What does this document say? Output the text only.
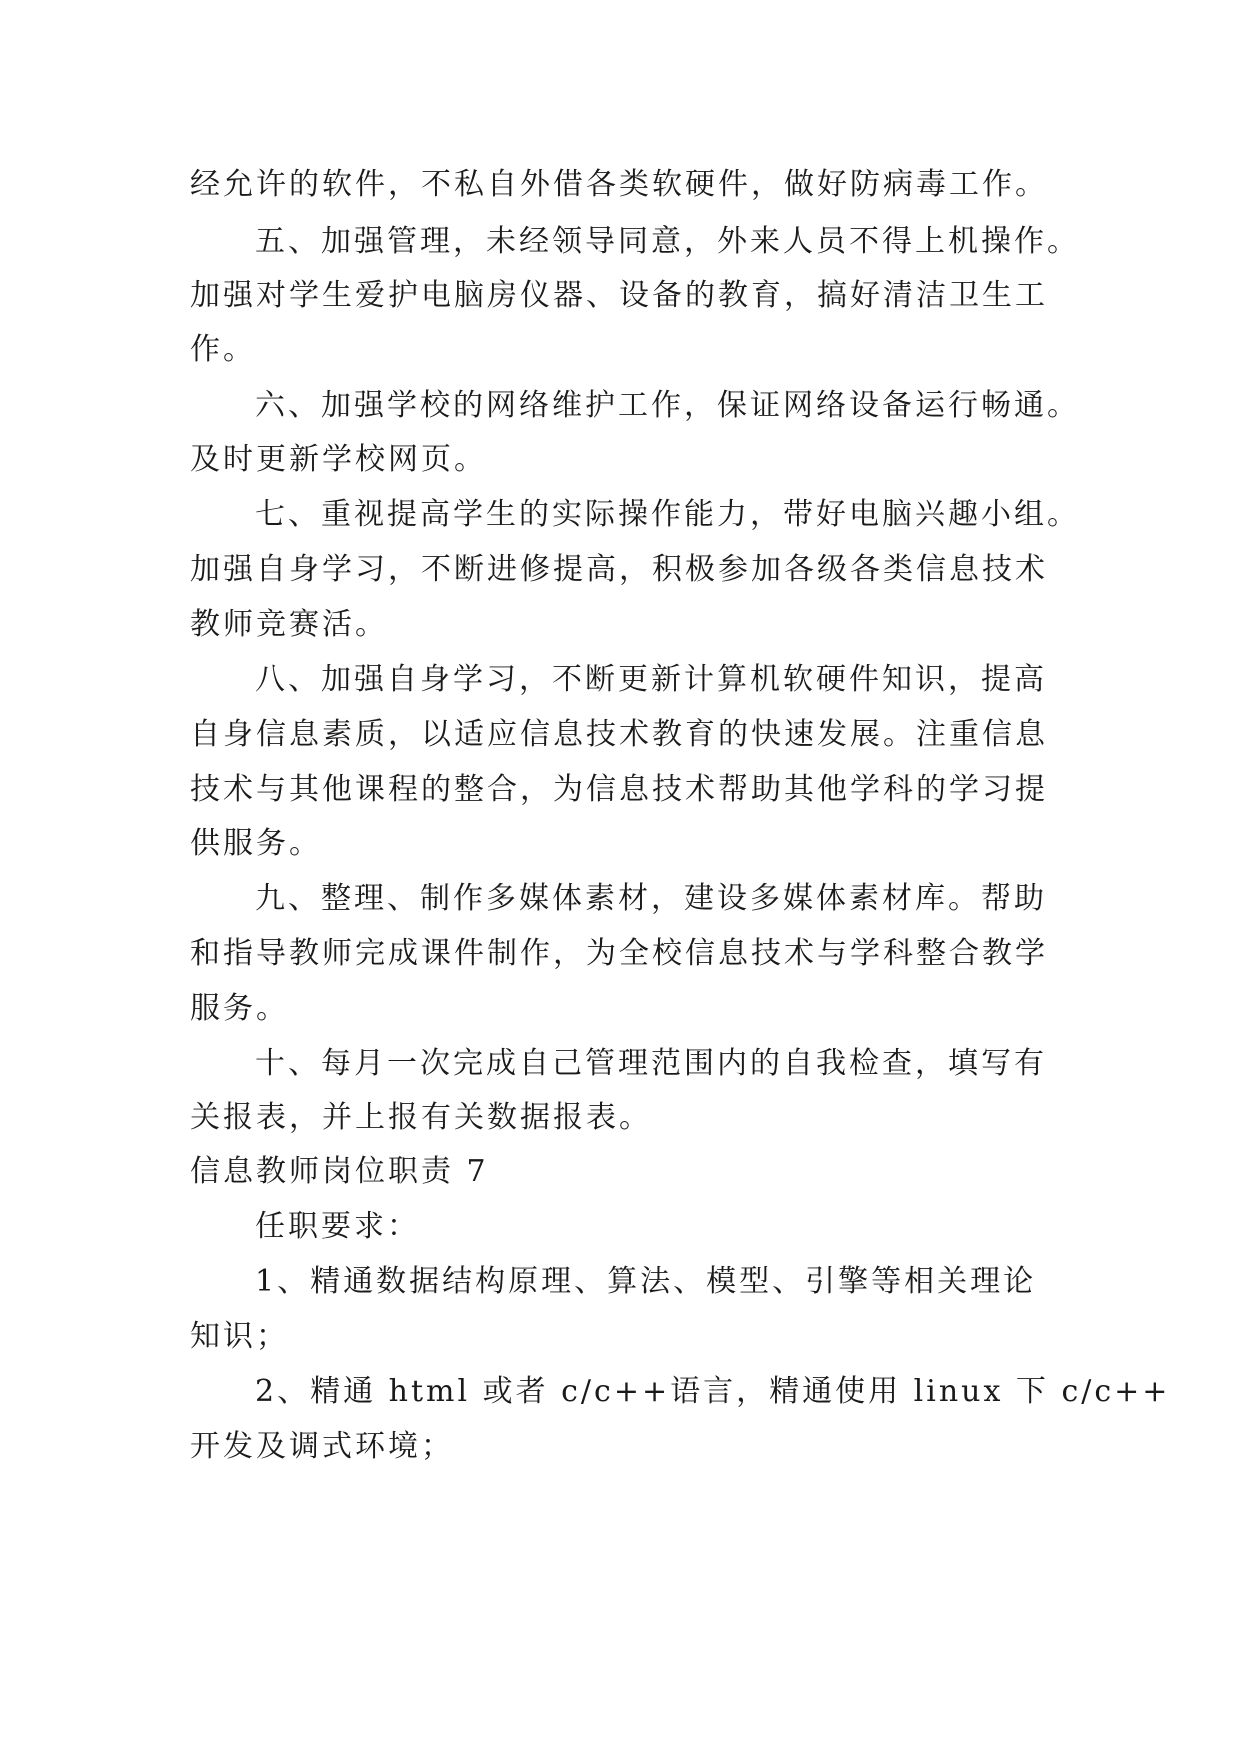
经允许的软件，不私自外借各类软硬件，做好防病毒工作。
五、加强管理，未经领导同意，外来人员不得上机操作。
加强对学生爱护电脑房仪器、设备的教育，搞好清洁卫生工
作。
六、加强学校的网络维护工作，保证网络设备运行畅通。
及时更新学校网页。
七、重视提高学生的实际操作能力，带好电脑兴趣小组。
加强自身学习，不断进修提高，积极参加各级各类信息技术
教师竞赛活。
八、加强自身学习，不断更新计算机软硬件知识，提高
自身信息素质，以适应信息技术教育的快速发展。注重信息
技术与其他课程的整合，为信息技术帮助其他学科的学习提
供服务。
九、整理、制作多媒体素材，建设多媒体素材库。帮助
和指导教师完成课件制作，为全校信息技术与学科整合教学
服务。
十、每月一次完成自己管理范围内的自我检查，填写有
关报表，并上报有关数据报表。
信息教师岗位职责 7
任职要求：
1、精通数据结构原理、算法、模型、引擎等相关理论
知识；
2、精通 html 或者 c/c++语言，精通使用 linux 下 c/c++
开发及调式环境；
